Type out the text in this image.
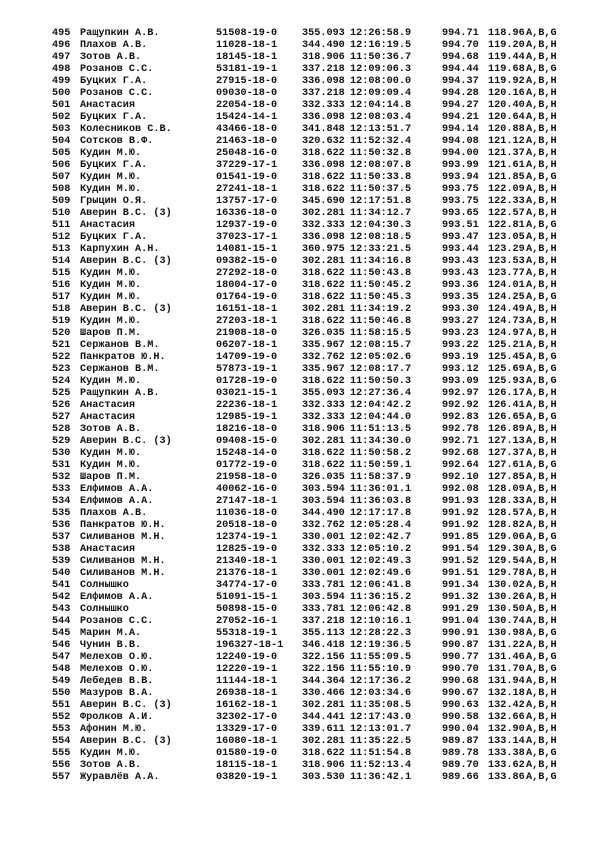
495 Ращупкин А.В.	51508-19-0 355.093 12:26:58.9	994.71 118.96 A,B,G
496 Плахов А.В.	11028-18-1 344.490 12:16:19.5	994.70 119.20 A,B,H
497 Зотов А.В.	18145-18-1 318.906 11:50:36.7	994.68 119.44 A,B,H
498 Розанов С.С.	53181-19-1 337.218 12:09:06.3	994.44 119.68 A,B,G
499 Буцких Г.А.	27915-18-0 336.098 12:08:00.0	994.37 119.92 A,B,H
500 Розанов С.С.	09030-18-0 337.218 12:09:09.4	994.28 120.16 A,B,H
501 Анастасия	22054-18-0 332.333 12:04:14.8	994.27 120.40 A,B,H
502 Буцких Г.А.	15424-14-1 336.098 12:08:03.4	994.21 120.64 A,B,H
503 Колесников С.В.	43466-18-0 341.848 12:13:51.7	994.14 120.88 A,B,H
504 Сотсков В.Ф.	21463-18-0 320.632 11:52:32.4	994.08 121.12 A,B,H
505 Кудин М.Ю.	25048-16-0 318.622 11:50:32.8	994.00 121.37 A,B,H
506 Буцких Г.А.	37229-17-1 336.098 12:08:07.8	993.99 121.61 A,B,H
507 Кудин М.Ю.	01541-19-0 318.622 11:50:33.8	993.94 121.85 A,B,G
508 Кудин М.Ю.	27241-18-1 318.622 11:50:37.5	993.75 122.09 A,B,H
509 Грыцин О.Я.	13757-17-0 345.690 12:17:51.8	993.75 122.33 A,B,H
510 Аверин В.С. (3)	16336-18-0 302.281 11:34:12.7	993.65 122.57 A,B,H
511 Анастасия	12937-19-0 332.333 12:04:30.3	993.51 122.81 A,B,G
512 Буцких Г.А.	37023-17-1 336.098 12:08:18.5	993.47 123.05 A,B,H
513 Карпухин А.Н.	14081-15-1 360.975 12:33:21.5	993.44 123.29 A,B,H
514 Аверин В.С. (3)	09382-15-0 302.281 11:34:16.8	993.43 123.53 A,B,H
515 Кудин М.Ю.	27292-18-0 318.622 11:50:43.8	993.43 123.77 A,B,H
516 Кудин М.Ю.	18004-17-0 318.622 11:50:45.2	993.36 124.01 A,B,H
517 Кудин М.Ю.	01764-19-0 318.622 11:50:45.3	993.35 124.25 A,B,G
518 Аверин В.С. (3)	16151-18-1 302.281 11:34:19.2	993.30 124.49 A,B,H
519 Кудин М.Ю.	27203-18-1 318.622 11:50:46.8	993.27 124.73 A,B,H
520 Шаров П.М.	21908-18-0 326.035 11:58:15.5	993.23 124.97 A,B,H
521 Сержанов В.М.	06207-18-1 335.967 12:08:15.7	993.22 125.21 A,B,H
522 Панкратов Ю.Н.	14709-19-0 332.762 12:05:02.6	993.19 125.45 A,B,G
523 Сержанов В.М.	57873-19-1 335.967 12:08:17.7	993.12 125.69 A,B,G
524 Кудин М.Ю.	01728-19-0 318.622 11:50:50.3	993.09 125.93 A,B,G
525 Ращупкин А.В.	03021-15-1 355.093 12:27:36.4	992.97 126.17 A,B,H
526 Анастасия	22236-18-1 332.333 12:04:42.2	992.92 126.41 A,B,H
527 Анастасия	12985-19-1 332.333 12:04:44.0	992.83 126.65 A,B,G
528 Зотов А.В.	18216-18-0 318.906 11:51:13.5	992.78 126.89 A,B,H
529 Аверин В.С. (3)	09408-15-0 302.281 11:34:30.0	992.71 127.13 A,B,H
530 Кудин М.Ю.	15248-14-0 318.622 11:50:58.2	992.68 127.37 A,B,H
531 Кудин М.Ю.	01772-19-0 318.622 11:50:59.1	992.64 127.61 A,B,G
532 Шаров П.М.	21958-18-0 326.035 11:58:37.9	992.10 127.85 A,B,H
533 Елфимов А.А.	40062-16-0 303.594 11:36:01.1	992.08 128.09 A,B,H
534 Елфимов А.А.	27147-18-1 303.594 11:36:03.8	991.93 128.33 A,B,H
535 Плахов А.В.	11036-18-0 344.490 12:17:17.8	991.92 128.57 A,B,H
536 Панкратов Ю.Н.	20518-18-0 332.762 12:05:28.4	991.92 128.82 A,B,H
537 Силиванов М.Н.	12374-19-1 330.001 12:02:42.7	991.85 129.06 A,B,G
538 Анастасия	12825-19-0 332.333 12:05:10.2	991.54 129.30 A,B,G
539 Силиванов М.Н.	21340-18-1 330.001 12:02:49.3	991.52 129.54 A,B,H
540 Силиванов М.Н.	21376-18-1 330.001 12:02:49.6	991.51 129.78 A,B,H
541 Солнышко	34774-17-0 333.781 12:06:41.8	991.34 130.02 A,B,H
542 Елфимов А.А.	51091-15-1 303.594 11:36:15.2	991.32 130.26 A,B,H
543 Солнышко	50898-15-0 333.781 12:06:42.8	991.29 130.50 A,B,H
544 Розанов С.С.	27052-16-1 337.218 12:10:16.1	991.04 130.74 A,B,H
545 Марин М.А.	55318-19-1 355.113 12:28:22.3	990.91 130.98 A,B,G
546 Чунин В.В.	196327-18-1 346.418 12:19:36.5	990.87 131.22 A,B,H
547 Мелехов О.Ю.	12240-19-0 322.156 11:55:09.5	990.77 131.46 A,B,G
548 Мелехов О.Ю.	12220-19-1 322.156 11:55:10.9	990.70 131.70 A,B,G
549 Лебедев В.В.	11144-18-1 344.364 12:17:36.2	990.68 131.94 A,B,H
550 Мазуров В.А.	26938-18-1 330.466 12:03:34.6	990.67 132.18 A,B,H
551 Аверин В.С. (3)	16162-18-1 302.281 11:35:08.5	990.63 132.42 A,B,H
552 Фролков А.И.	32302-17-0 344.441 12:17:43.0	990.58 132.66 A,B,H
553 Афонин М.Ю.	13329-17-0 339.611 12:13:01.7	990.04 132.90 A,B,H
554 Аверин В.С. (3)	16080-18-1 302.281 11:35:22.5	989.87 133.14 A,B,H
555 Кудин М.Ю.	01580-19-0 318.622 11:51:54.8	989.78 133.38 A,B,G
556 Зотов А.В.	18115-18-1 318.906 11:52:13.4	989.70 133.62 A,B,H
557 Журавлёв А.А.	03820-19-1 303.530 11:36:42.1	989.66 133.86 A,B,G
